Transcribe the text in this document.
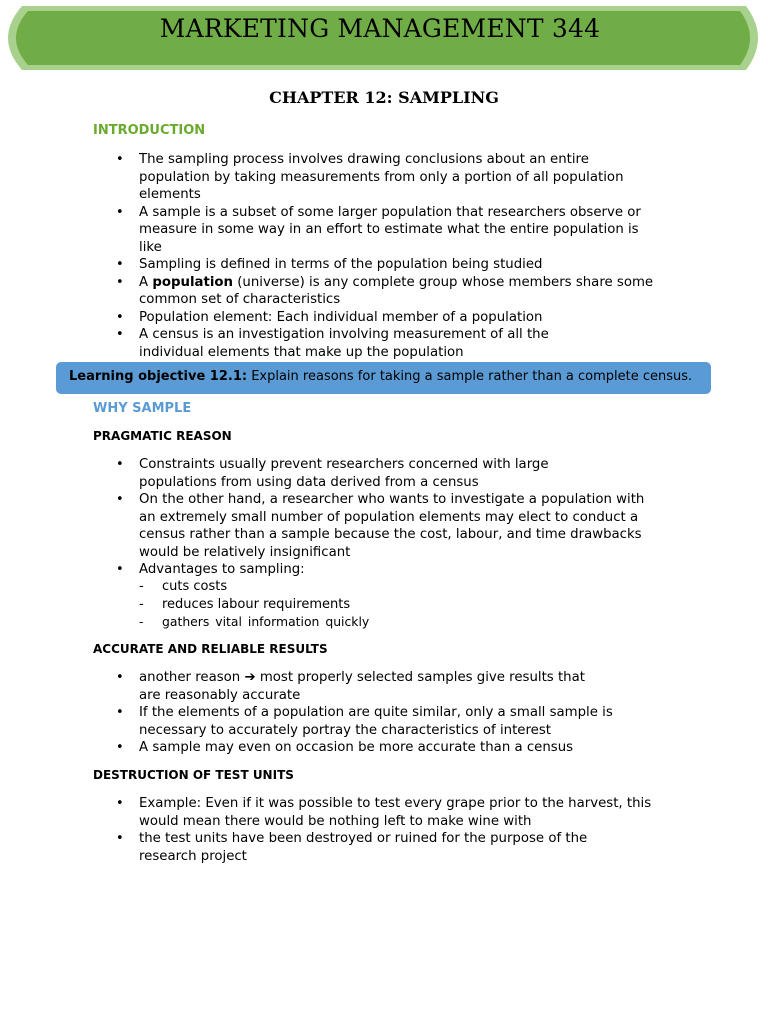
MARKETING MANAGEMENT 344
CHAPTER 12: SAMPLING
INTRODUCTION
• The sampling process involves drawing conclusions about an entire population by taking measurements from only a portion of all population elements
• A sample is a subset of some larger population that researchers observe or measure in some way in an effort to estimate what the entire population is like
• Sampling is defined in terms of the population being studied
• A population (universe) is any complete group whose members share some common set of characteristics
• Population element: Each individual member of a population
• A census is an investigation involving measurement of all the individual elements that make up the population
Learning objective 12.1: Explain reasons for taking a sample rather than a complete census.
WHY SAMPLE
PRAGMATIC REASON
• Constraints usually prevent researchers concerned with large populations from using data derived from a census
• On the other hand, a researcher who wants to investigate a population with an extremely small number of population elements may elect to conduct a census rather than a sample because the cost, labour, and time drawbacks would be relatively insignificant
• Advantages to sampling:
- cuts costs
- reduces labour requirements
- gathers vital information quickly
ACCURATE AND RELIABLE RESULTS
• another reason ➔ most properly selected samples give results that are reasonably accurate
• If the elements of a population are quite similar, only a small sample is necessary to accurately portray the characteristics of interest
• A sample may even on occasion be more accurate than a census
DESTRUCTION OF TEST UNITS
• Example: Even if it was possible to test every grape prior to the harvest, this would mean there would be nothing left to make wine with
• the test units have been destroyed or ruined for the purpose of the research project
